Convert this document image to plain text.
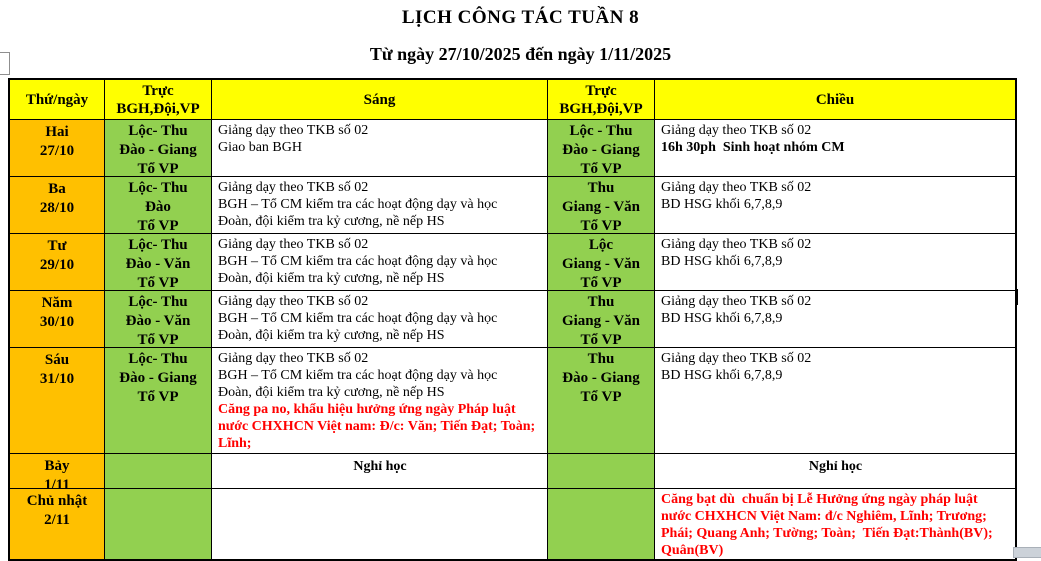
LỊCH CÔNG TÁC TUẦN 8
Từ ngày 27/10/2025 đến ngày 1/11/2025
Thứ/ngày
Trực
BGH,Đội,VP
Sáng
Trực
BGH,Đội,VP
Chiều
Hai
27/10
Lộc- Thu
Đào - Giang
Tổ VP
Giảng dạy theo TKB số 02
Giao ban BGH
Lộc - Thu
Đào - Giang
Tổ VP
Giảng dạy theo TKB số 02
16h 30ph  Sinh hoạt nhóm CM
Ba
28/10
Lộc- Thu
Đào
Tổ VP
Giảng dạy theo TKB số 02
BGH – Tổ CM kiểm tra các hoạt động dạy và học
Đoàn, đội kiểm tra kỷ cương, nề nếp HS
Thu
Giang - Văn
Tổ VP
Giảng dạy theo TKB số 02
BD HSG khối 6,7,8,9
Tư
29/10
Lộc- Thu
Đào - Văn
Tổ VP
Giảng dạy theo TKB số 02
BGH – Tổ CM kiểm tra các hoạt động dạy và học
Đoàn, đội kiểm tra kỷ cương, nề nếp HS
Lộc
Giang - Văn
Tổ VP
Giảng dạy theo TKB số 02
BD HSG khối 6,7,8,9
Năm
30/10
Lộc- Thu
Đào - Văn
Tổ VP
Giảng dạy theo TKB số 02
BGH – Tổ CM kiểm tra các hoạt động dạy và học
Đoàn, đội kiểm tra kỷ cương, nề nếp HS
Thu
Giang - Văn
Tổ VP
Giảng dạy theo TKB số 02
BD HSG khối 6,7,8,9
Sáu
31/10
Lộc- Thu
Đào - Giang
Tổ VP
Giảng dạy theo TKB số 02
BGH – Tổ CM kiểm tra các hoạt động dạy và học
Đoàn, đội kiểm tra kỷ cương, nề nếp HS
Căng pa no, khẩu hiệu hưởng ứng ngày Pháp luật nước CHXHCN Việt nam: Đ/c: Văn; Tiến Đạt; Toàn; Lĩnh;
Thu
Đào - Giang
Tổ VP
Giảng dạy theo TKB số 02
BD HSG khối 6,7,8,9
Bảy
1/11
Nghỉ học	Nghỉ học
Chủ nhật
2/11
Căng bạt dù  chuẩn bị Lễ Hưởng ứng ngày pháp luật nước CHXHCN Việt Nam: đ/c Nghiêm, Lĩnh; Trương; Phái; Quang Anh; Tường; Toàn;  Tiến Đạt:Thành(BV); Quân(BV)
